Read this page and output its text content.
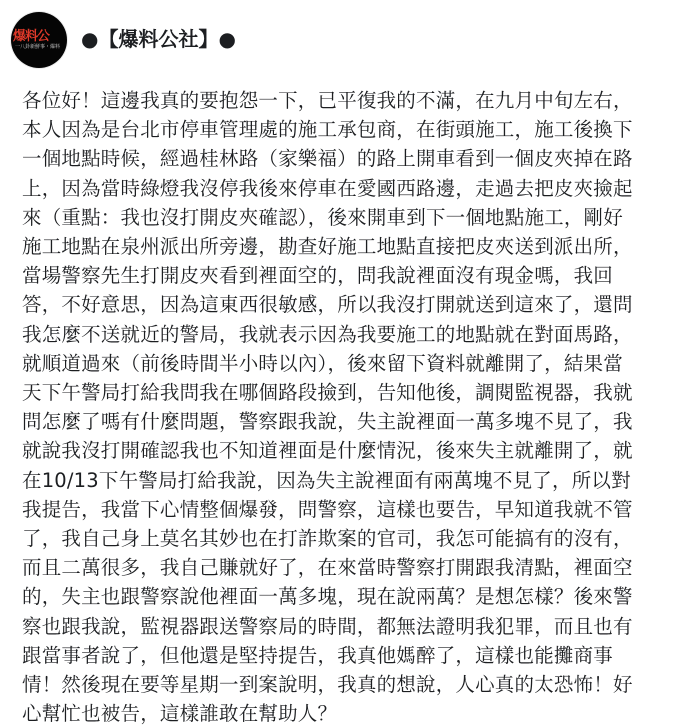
爆料公
一八卦新鮮事・爆料	●【爆料公社】●
各位好！這邊我真的要抱怨一下，已平復我的不滿，在九月中旬左右，
本人因為是台北市停車管理處的施工承包商，在街頭施工，施工後換下
一個地點時候，經過桂林路（家樂福）的路上開車看到一個皮夾掉在路
上，因為當時綠燈我沒停我後來停車在愛國西路邊，走過去把皮夾撿起
來（重點：我也沒打開皮夾確認），後來開車到下一個地點施工，剛好
施工地點在泉州派出所旁邊，勘查好施工地點直接把皮夾送到派出所，
當場警察先生打開皮夾看到裡面空的，問我說裡面沒有現金嗎，我回
答，不好意思，因為這東西很敏感，所以我沒打開就送到這來了，還問
我怎麼不送就近的警局，我就表示因為我要施工的地點就在對面馬路，
就順道過來（前後時間半小時以內），後來留下資料就離開了，結果當
天下午警局打給我問我在哪個路段撿到，告知他後，調閱監視器，我就
問怎麼了嗎有什麼問題，警察跟我說，失主說裡面一萬多塊不見了，我
就說我沒打開確認我也不知道裡面是什麼情況，後來失主就離開了，就
在10/13下午警局打給我說，因為失主說裡面有兩萬塊不見了，所以對
我提告，我當下心情整個爆發，問警察，這樣也要告，早知道我就不管
了，我自己身上莫名其妙也在打詐欺案的官司，我怎可能搞有的沒有，
而且二萬很多，我自己賺就好了，在來當時警察打開跟我清點，裡面空
的，失主也跟警察說他裡面一萬多塊，現在說兩萬？是想怎樣？後來警
察也跟我說，監視器跟送警察局的時間，都無法證明我犯罪，而且也有
跟當事者說了，但他還是堅持提告，我真他媽醉了，這樣也能攤商事
情！然後現在要等星期一到案說明，我真的想說，人心真的太恐怖！好
心幫忙也被告，這樣誰敢在幫助人？
